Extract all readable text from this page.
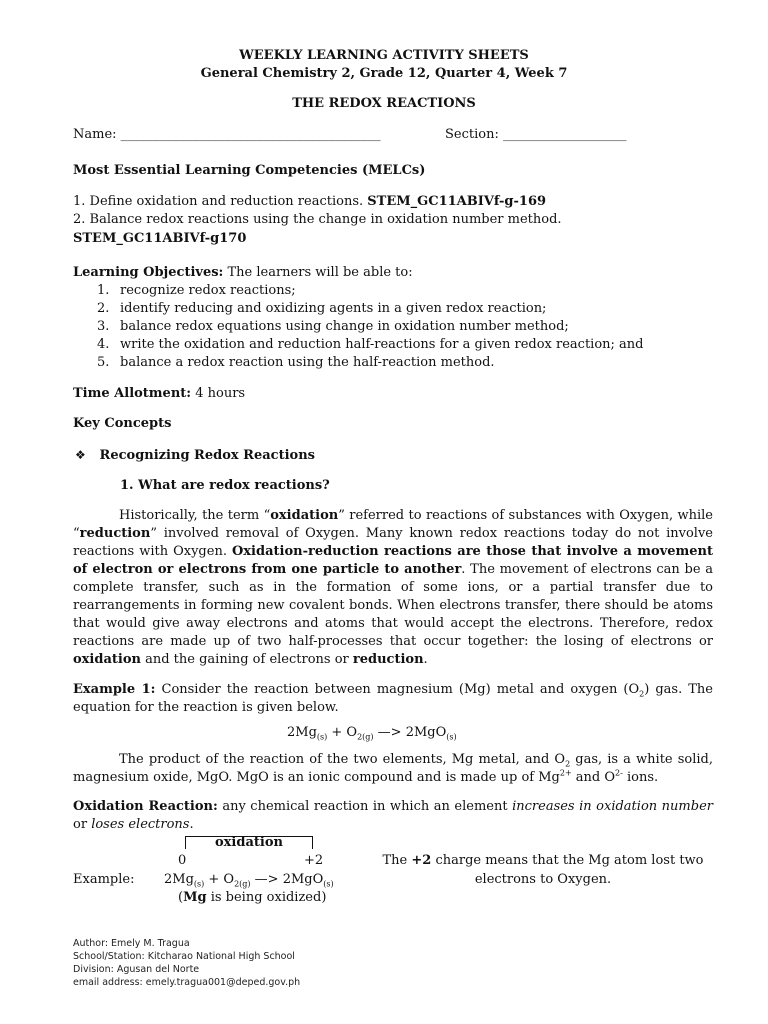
WEEKLY LEARNING ACTIVITY SHEETS
General Chemistry 2, Grade 12, Quarter 4, Week 7
THE REDOX REACTIONS
Name: ________________________________________	Section: ___________________
Most Essential Learning Competencies (MELCs)
1. Define oxidation and reduction reactions. STEM_GC11ABIVf-g-169
2. Balance redox reactions using the change in oxidation number method.
STEM_GC11ABIVf-g170
Learning Objectives: The learners will be able to:
1. recognize redox reactions;
2. identify reducing and oxidizing agents in a given redox reaction;
3. balance redox equations using change in oxidation number method;
4. write the oxidation and reduction half-reactions for a given redox reaction; and
5. balance a redox reaction using the half-reaction method.
Time Allotment: 4 hours
Key Concepts
❖ Recognizing Redox Reactions
1. What are redox reactions?
Historically, the term “oxidation” referred to reactions of substances with Oxygen, while “reduction” involved removal of Oxygen. Many known redox reactions today do not involve reactions with Oxygen. Oxidation-reduction reactions are those that involve a movement of electron or electrons from one particle to another. The movement of electrons can be a complete transfer, such as in the formation of some ions, or a partial transfer due to rearrangements in forming new covalent bonds. When electrons transfer, there should be atoms that would give away electrons and atoms that would accept the electrons. Therefore, redox reactions are made up of two half-processes that occur together: the losing of electrons or oxidation and the gaining of electrons or reduction.
Example 1: Consider the reaction between magnesium (Mg) metal and oxygen $(O_2)$ gas. The equation for the reaction is given below.
$2Mg_{(s)} + O_{2(g)}$ —> 2MgO$_{(s)}$
The product of the reaction of the two elements, Mg metal, and $O_2$ gas, is a white solid, magnesium oxide, MgO. MgO is an ionic compound and is made up of $Mg^{2+}$ and $O^{2-}$ ions.
Oxidation Reaction: any chemical reaction in which an element increases in oxidation number or loses electrons.
oxidation
0	+2
Example: $2Mg_{(s)} + O_{2(g)}$ —> 2MgO$_{(s)}$
(Mg is being oxidized)
The +2 charge means that the Mg atom lost two
electrons to Oxygen.
Author: Emely M. Tragua
School/Station: Kitcharao National High School
Division: Agusan del Norte
email address: emely.tragua001@deped.gov.ph
